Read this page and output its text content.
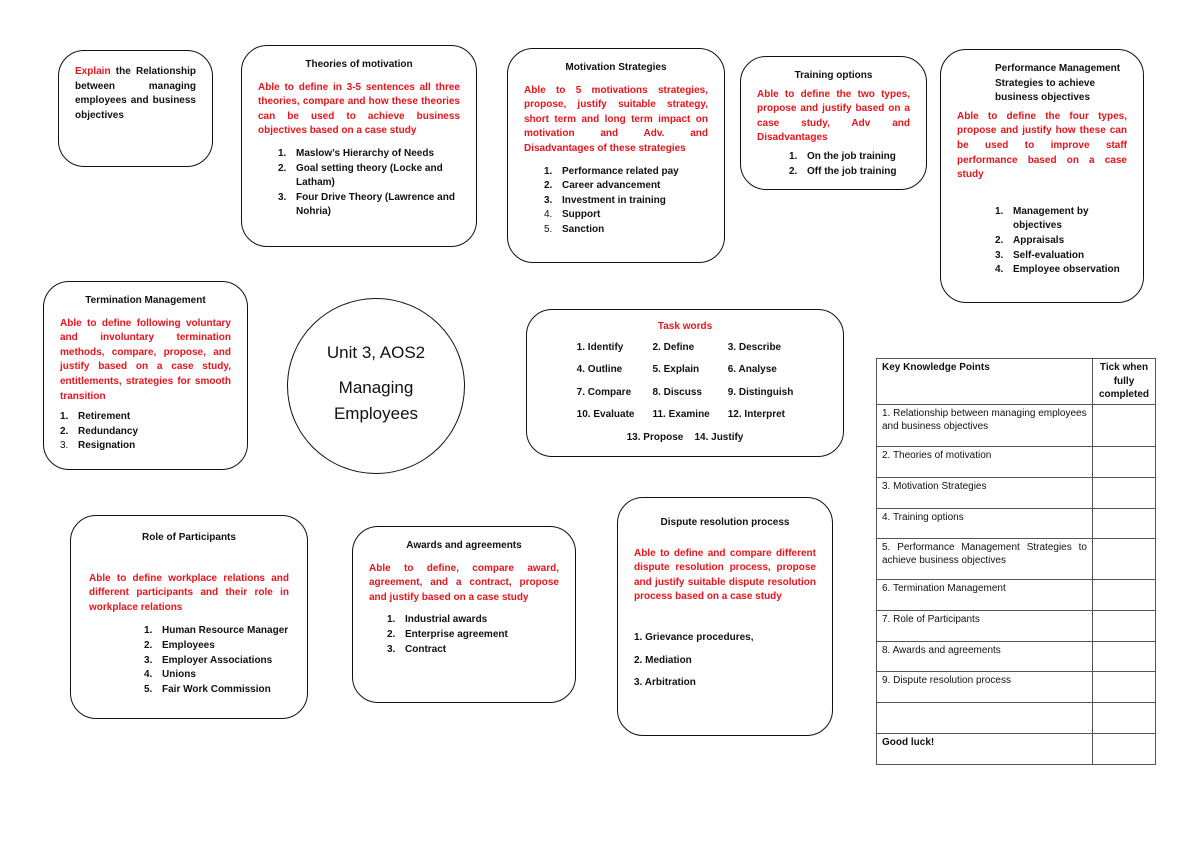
Explain the Relationship between managing employees and business objectives
Theories of motivation
Able to define in 3-5 sentences all three theories, compare and how these theories can be used to achieve business objectives based on a case study
1. Maslow’s Hierarchy of Needs
2. Goal setting theory (Locke and Latham)
3. Four Drive Theory (Lawrence and Nohria)
Motivation Strategies
Able to 5 motivations strategies, propose, justify suitable strategy, short term and long term impact on motivation and Adv. and Disadvantages of these strategies
1. Performance related pay
2. Career advancement
3. Investment in training
4. Support
5. Sanction
Training options
Able to define the two types, propose and justify based on a case study, Adv and Disadvantages
1. On the job training
2. Off the job training
Performance Management Strategies to achieve business objectives
Able to define the four types, propose and justify how these can be used to improve staff performance based on a case study
1. Management by objectives
2. Appraisals
3. Self-evaluation
4. Employee observation
Termination Management
Able to define following voluntary and involuntary termination methods, compare, propose, and justify based on a case study, entitlements, strategies for smooth transition
1. Retirement
2. Redundancy
3. Resignation
Unit 3, AOS2
Managing Employees
Task words
1. Identify	2. Define	3. Describe
4. Outline	5. Explain	6. Analyse
7. Compare	8. Discuss	9. Distinguish
10. Evaluate 11. Examine 12. Interpret
13. Propose 14. Justify
Role of Participants
Able to define workplace relations and different participants and their role in workplace relations
1. Human Resource Manager
2. Employees
3. Employer Associations
4. Unions
5. Fair Work Commission
Awards and agreements
Able to define, compare award, agreement, and a contract, propose and justify based on a case study
1. Industrial awards
2. Enterprise agreement
3. Contract
Dispute resolution process
Able to define and compare different dispute resolution process, propose and justify suitable dispute resolution process based on a case study
1. Grievance procedures,
2. Mediation
3. Arbitration
Key Knowledge Points	Tick when fully completed
1. Relationship between managing employees and business objectives	
2. Theories of motivation	
3. Motivation Strategies	
4. Training options	
5. Performance Management Strategies to achieve business objectives	
6. Termination Management	
7. Role of Participants	
8. Awards and agreements	
9. Dispute resolution process	

Good luck!	
